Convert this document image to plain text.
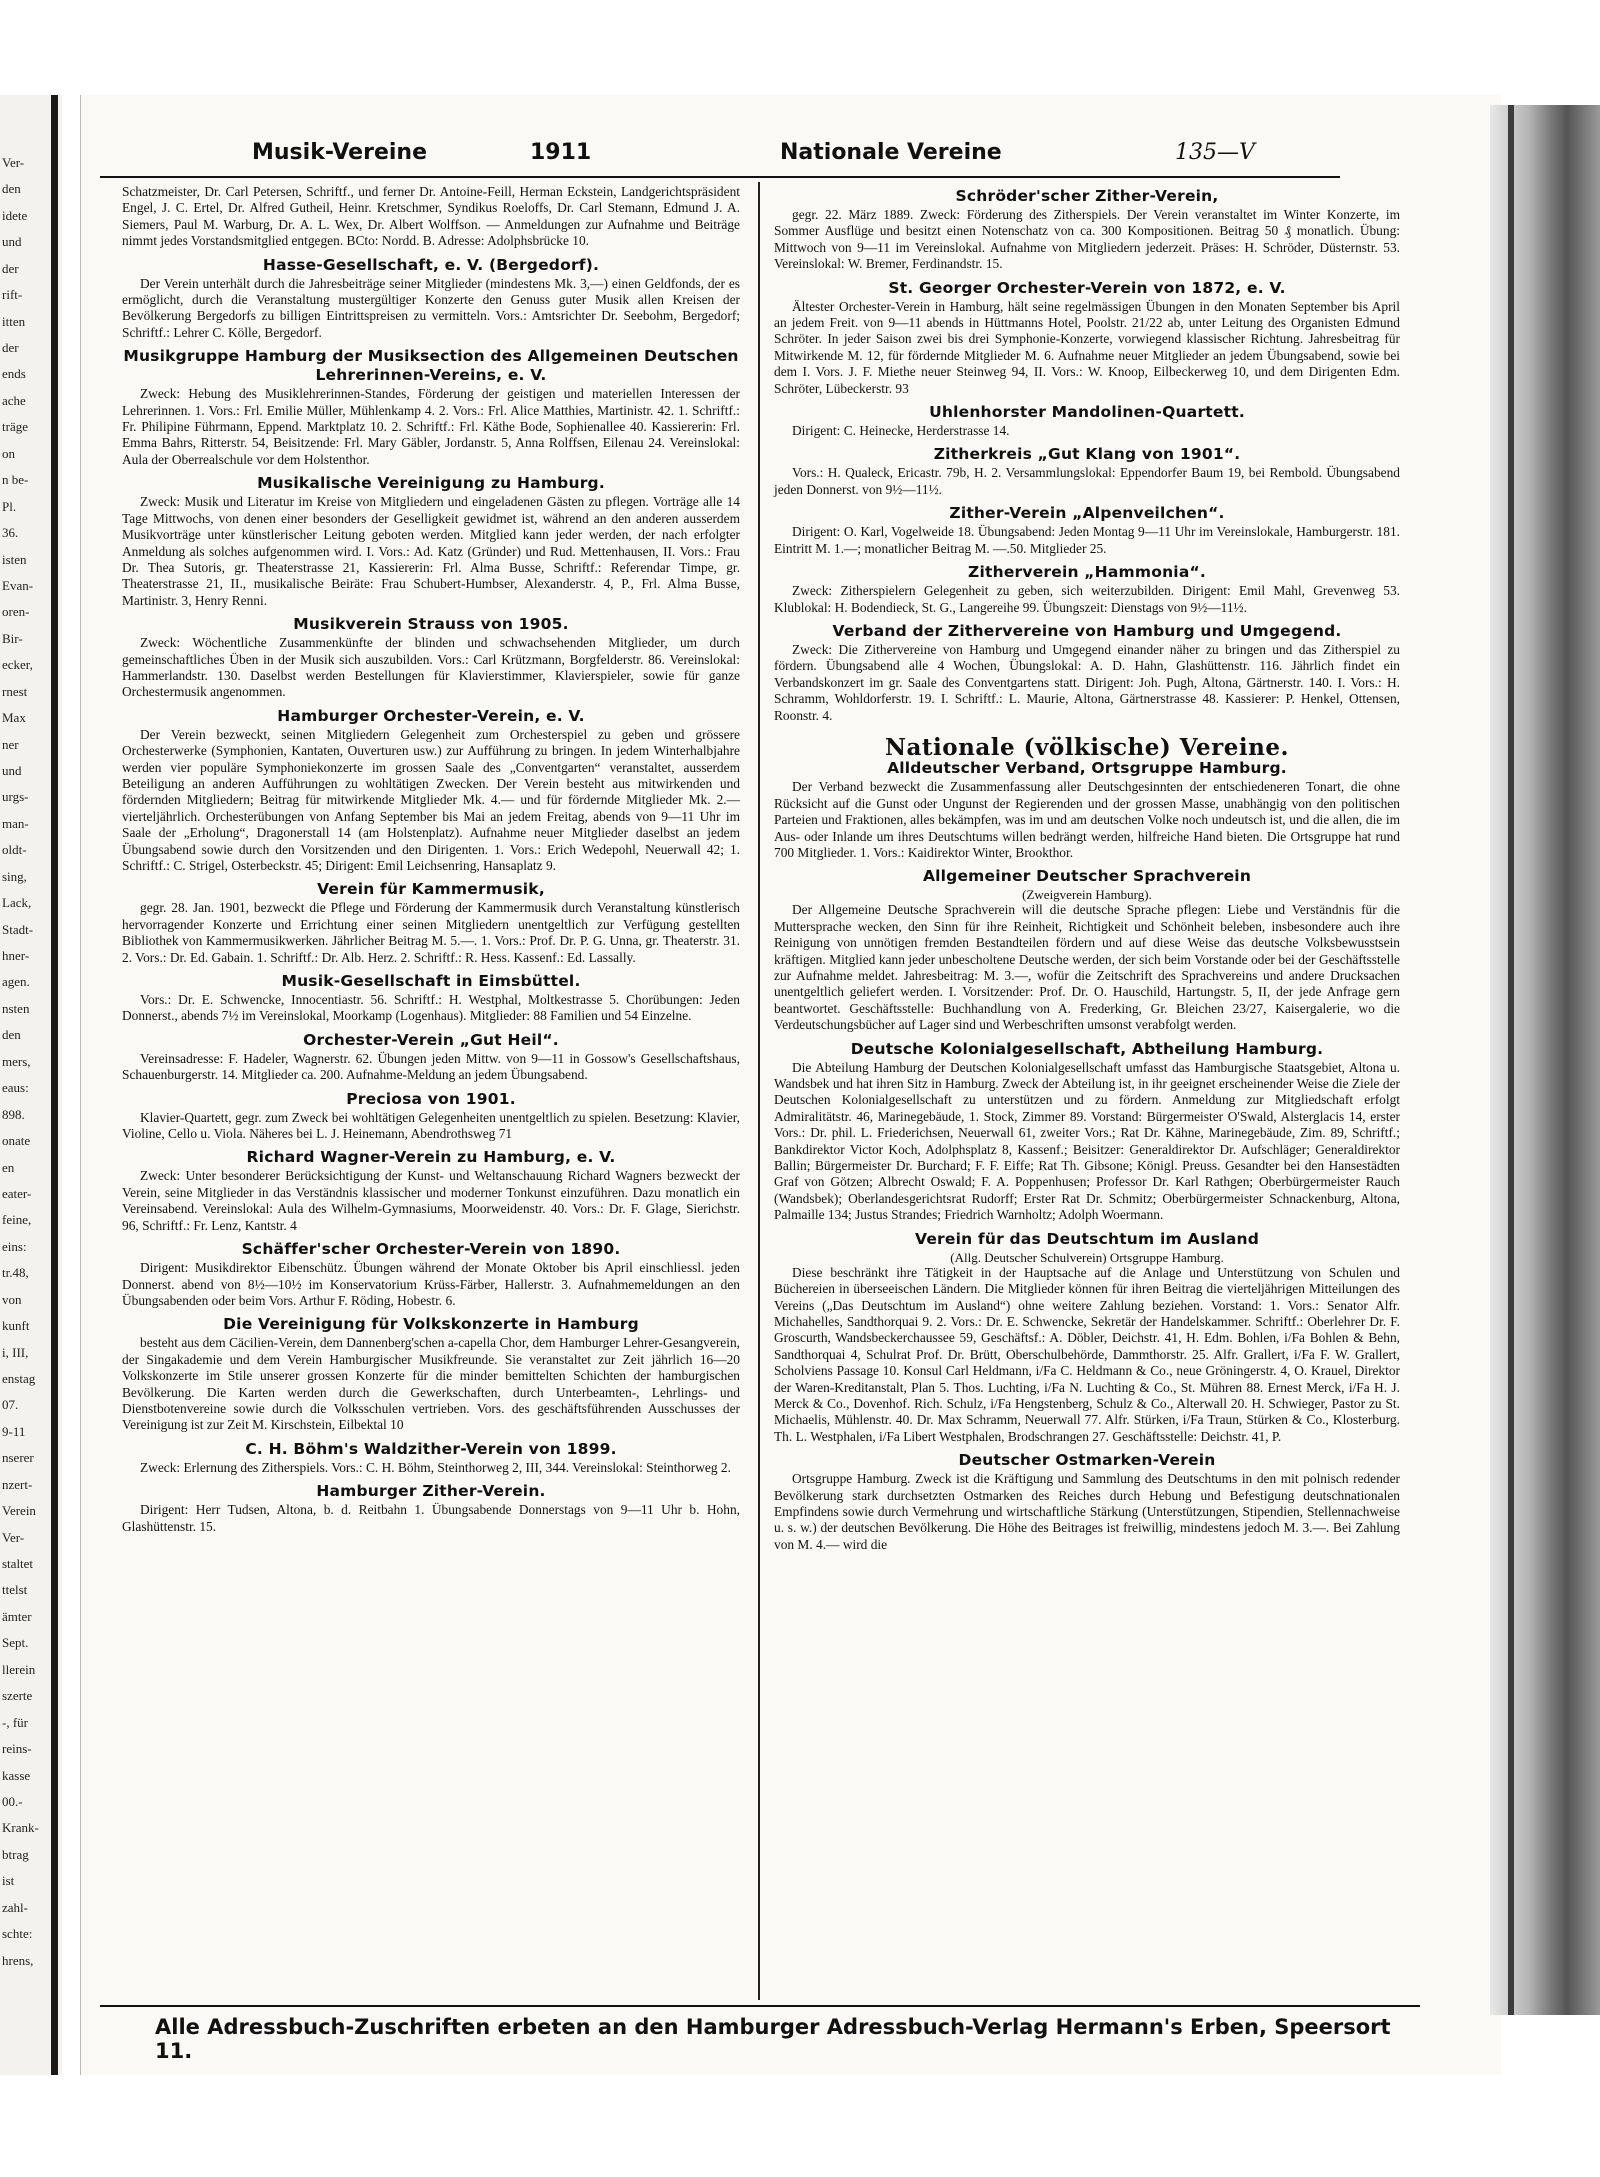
Ver-
den
idete
und
der
rift-
itten
der
ends
ache
träge
on
n be-
Pl.
36.
isten
Evan-
oren-
Bir-
ecker,
rnest
Max
ner
und
urgs-
man-
oldt-
sing,
Lack,
Stadt-
hner-
agen.
nsten
den
mers,
eaus:
898.
onate
en
eater-
feine,
eins:
tr.48,
von
kunft
i, III,
enstag
07.
9-11
nserer
nzert-
Verein
Ver-
staltet
ttelst
ämter
Sept.
llerein
szerte
-, für
reins-
kasse
00.-
Krank-
btrag
ist
zahl-
schte:
hrens,
Musik-Vereine	1911	Nationale Vereine	135—V
Schatzmeister, Dr. Carl Petersen, Schriftf., und ferner Dr. Antoine-Feill, Herman Eckstein, Landgerichtspräsident Engel, J. C. Ertel, Dr. Alfred Gutheil, Heinr. Kretschmer, Syndikus Roeloffs, Dr. Carl Stemann, Edmund J. A. Siemers, Paul M. Warburg, Dr. A. L. Wex, Dr. Albert Wolffson. — Anmeldungen zur Aufnahme und Beiträge nimmt jedes Vorstandsmitglied entgegen. BCto: Nordd. B. Adresse: Adolphsbrücke 10.
Hasse-Gesellschaft, e. V. (Bergedorf).
Der Verein unterhält durch die Jahresbeiträge seiner Mitglieder (mindestens Mk. 3,—) einen Geldfonds, der es ermöglicht, durch die Veranstaltung mustergültiger Konzerte den Genuss guter Musik allen Kreisen der Bevölkerung Bergedorfs zu billigen Eintrittspreisen zu vermitteln. Vors.: Amtsrichter Dr. Seebohm, Bergedorf; Schriftf.: Lehrer C. Kölle, Bergedorf.
Musikgruppe Hamburg der Musiksection des Allgemeinen Deutschen Lehrerinnen-Vereins, e. V.
Zweck: Hebung des Musiklehrerinnen-Standes, Förderung der geistigen und materiellen Interessen der Lehrerinnen. 1. Vors.: Frl. Emilie Müller, Mühlenkamp 4. 2. Vors.: Frl. Alice Matthies, Martinistr. 42. 1. Schriftf.: Fr. Philipine Führmann, Eppend. Marktplatz 10. 2. Schriftf.: Frl. Käthe Bode, Sophienallee 40. Kassiererin: Frl. Emma Bahrs, Ritterstr. 54, Beisitzende: Frl. Mary Gäbler, Jordanstr. 5, Anna Rolffsen, Eilenau 24. Vereinslokal: Aula der Oberrealschule vor dem Holstenthor.
Musikalische Vereinigung zu Hamburg.
Zweck: Musik und Literatur im Kreise von Mitgliedern und eingeladenen Gästen zu pflegen. Vorträge alle 14 Tage Mittwochs, von denen einer besonders der Geselligkeit gewidmet ist, während an den anderen ausserdem Musikvorträge unter künstlerischer Leitung geboten werden. Mitglied kann jeder werden, der nach erfolgter Anmeldung als solches aufgenommen wird. I. Vors.: Ad. Katz (Gründer) und Rud. Mettenhausen, II. Vors.: Frau Dr. Thea Sutoris, gr. Theaterstrasse 21, Kassiererin: Frl. Alma Busse, Schriftf.: Referendar Timpe, gr. Theaterstrasse 21, II., musikalische Beiräte: Frau Schubert-Humbser, Alexanderstr. 4, P., Frl. Alma Busse, Martinistr. 3, Henry Renni.
Musikverein Strauss von 1905.
Zweck: Wöchentliche Zusammenkünfte der blinden und schwachsehenden Mitglieder, um durch gemeinschaftliches Üben in der Musik sich auszubilden. Vors.: Carl Krützmann, Borgfelderstr. 86. Vereinslokal: Hammerlandstr. 130. Daselbst werden Bestellungen für Klavierstimmer, Klavierspieler, sowie für ganze Orchestermusik angenommen.
Hamburger Orchester-Verein, e. V.
Der Verein bezweckt, seinen Mitgliedern Gelegenheit zum Orchesterspiel zu geben und grössere Orchesterwerke (Symphonien, Kantaten, Ouverturen usw.) zur Aufführung zu bringen. In jedem Winterhalbjahre werden vier populäre Symphoniekonzerte im grossen Saale des „Conventgarten“ veranstaltet, ausserdem Beteiligung an anderen Aufführungen zu wohltätigen Zwecken. Der Verein besteht aus mitwirkenden und fördernden Mitgliedern; Beitrag für mitwirkende Mitglieder Mk. 4.— und für fördernde Mitglieder Mk. 2.— vierteljährlich. Orchesterübungen von Anfang September bis Mai an jedem Freitag, abends von 9—11 Uhr im Saale der „Erholung“, Dragonerstall 14 (am Holstenplatz). Aufnahme neuer Mitglieder daselbst an jedem Übungsabend sowie durch den Vorsitzenden und den Dirigenten. 1. Vors.: Erich Wedepohl, Neuerwall 42; 1. Schriftf.: C. Strigel, Osterbeckstr. 45; Dirigent: Emil Leichsenring, Hansaplatz 9.
Verein für Kammermusik,
gegr. 28. Jan. 1901, bezweckt die Pflege und Förderung der Kammermusik durch Veranstaltung künstlerisch hervorragender Konzerte und Errichtung einer seinen Mitgliedern unentgeltlich zur Verfügung gestellten Bibliothek von Kammermusikwerken. Jährlicher Beitrag M. 5.—. 1. Vors.: Prof. Dr. P. G. Unna, gr. Theaterstr. 31. 2. Vors.: Dr. Ed. Gabain. 1. Schriftf.: Dr. Alb. Herz. 2. Schriftf.: R. Hess. Kassenf.: Ed. Lassally.
Musik-Gesellschaft in Eimsbüttel.
Vors.: Dr. E. Schwencke, Innocentiastr. 56. Schriftf.: H. Westphal, Moltkestrasse 5. Chorübungen: Jeden Donnerst., abends 7½ im Vereinslokal, Moorkamp (Logenhaus). Mitglieder: 88 Familien und 54 Einzelne.
Orchester-Verein „Gut Heil“.
Vereinsadresse: F. Hadeler, Wagnerstr. 62. Übungen jeden Mittw. von 9—11 in Gossow's Gesellschaftshaus, Schauenburgerstr. 14. Mitglieder ca. 200. Aufnahme-Meldung an jedem Übungsabend.
Preciosa von 1901.
Klavier-Quartett, gegr. zum Zweck bei wohltätigen Gelegenheiten unentgeltlich zu spielen. Besetzung: Klavier, Violine, Cello u. Viola. Näheres bei L. J. Heinemann, Abendrothsweg 71
Richard Wagner-Verein zu Hamburg, e. V.
Zweck: Unter besonderer Berücksichtigung der Kunst- und Weltanschauung Richard Wagners bezweckt der Verein, seine Mitglieder in das Verständnis klassischer und moderner Tonkunst einzuführen. Dazu monatlich ein Vereinsabend. Vereinslokal: Aula des Wilhelm-Gymnasiums, Moorweidenstr. 40. Vors.: Dr. F. Glage, Sierichstr. 96, Schriftf.: Fr. Lenz, Kantstr. 4
Schäffer'scher Orchester-Verein von 1890.
Dirigent: Musikdirektor Eibenschütz. Übungen während der Monate Oktober bis April einschliessl. jeden Donnerst. abend von 8½—10½ im Konservatorium Krüss-Färber, Hallerstr. 3. Aufnahmemeldungen an den Übungsabenden oder beim Vors. Arthur F. Röding, Hobestr. 6.
Die Vereinigung für Volkskonzerte in Hamburg
besteht aus dem Cäcilien-Verein, dem Dannenberg'schen a-capella Chor, dem Hamburger Lehrer-Gesangverein, der Singakademie und dem Verein Hamburgischer Musikfreunde. Sie veranstaltet zur Zeit jährlich 16—20 Volkskonzerte im Stile unserer grossen Konzerte für die minder bemittelten Schichten der hamburgischen Bevölkerung. Die Karten werden durch die Gewerkschaften, durch Unterbeamten-, Lehrlings- und Dienstbotenvereine sowie durch die Volksschulen vertrieben. Vors. des geschäftsführenden Ausschusses der Vereinigung ist zur Zeit M. Kirschstein, Eilbektal 10
C. H. Böhm's Waldzither-Verein von 1899.
Zweck: Erlernung des Zitherspiels. Vors.: C. H. Böhm, Steinthorweg 2, III, 344. Vereinslokal: Steinthorweg 2.
Hamburger Zither-Verein.
Dirigent: Herr Tudsen, Altona, b. d. Reitbahn 1. Übungsabende Donnerstags von 9—11 Uhr b. Hohn, Glashüttenstr. 15.
Schröder'scher Zither-Verein,
gegr. 22. März 1889. Zweck: Förderung des Zitherspiels. Der Verein veranstaltet im Winter Konzerte, im Sommer Ausflüge und besitzt einen Notenschatz von ca. 300 Kompositionen. Beitrag 50 ₰ monatlich. Übung: Mittwoch von 9—11 im Vereinslokal. Aufnahme von Mitgliedern jederzeit. Präses: H. Schröder, Düsternstr. 53. Vereinslokal: W. Bremer, Ferdinandstr. 15.
St. Georger Orchester-Verein von 1872, e. V.
Ältester Orchester-Verein in Hamburg, hält seine regelmässigen Übungen in den Monaten September bis April an jedem Freit. von 9—11 abends in Hüttmanns Hotel, Poolstr. 21/22 ab, unter Leitung des Organisten Edmund Schröter. In jeder Saison zwei bis drei Symphonie-Konzerte, vorwiegend klassischer Richtung. Jahresbeitrag für Mitwirkende M. 12, für fördernde Mitglieder M. 6. Aufnahme neuer Mitglieder an jedem Übungsabend, sowie bei dem I. Vors. J. F. Miethe neuer Steinweg 94, II. Vors.: W. Knoop, Eilbeckerweg 10, und dem Dirigenten Edm. Schröter, Lübeckerstr. 93
Uhlenhorster Mandolinen-Quartett.
Dirigent: C. Heinecke, Herderstrasse 14.
Zitherkreis „Gut Klang von 1901“.
Vors.: H. Qualeck, Ericastr. 79b, H. 2. Versammlungslokal: Eppendorfer Baum 19, bei Rembold. Übungsabend jeden Donnerst. von 9½—11½.
Zither-Verein „Alpenveilchen“.
Dirigent: O. Karl, Vogelweide 18. Übungsabend: Jeden Montag 9—11 Uhr im Vereinslokale, Hamburgerstr. 181. Eintritt M. 1.—; monatlicher Beitrag M. —.50. Mitglieder 25.
Zitherverein „Hammonia“.
Zweck: Zitherspielern Gelegenheit zu geben, sich weiterzubilden. Dirigent: Emil Mahl, Grevenweg 53. Klublokal: H. Bodendieck, St. G., Langereihe 99. Übungszeit: Dienstags von 9½—11½.
Verband der Zithervereine von Hamburg und Umgegend.
Zweck: Die Zithervereine von Hamburg und Umgegend einander näher zu bringen und das Zitherspiel zu fördern. Übungsabend alle 4 Wochen, Übungslokal: A. D. Hahn, Glashüttenstr. 116. Jährlich findet ein Verbandskonzert im gr. Saale des Conventgartens statt. Dirigent: Joh. Pugh, Altona, Gärtnerstr. 140. I. Vors.: H. Schramm, Wohldorferstr. 19. I. Schriftf.: L. Maurie, Altona, Gärtnerstrasse 48. Kassierer: P. Henkel, Ottensen, Roonstr. 4.
Nationale (völkische) Vereine.
Alldeutscher Verband, Ortsgruppe Hamburg.
Der Verband bezweckt die Zusammenfassung aller Deutschgesinnten der entschiedeneren Tonart, die ohne Rücksicht auf die Gunst oder Ungunst der Regierenden und der grossen Masse, unabhängig von den politischen Parteien und Fraktionen, alles bekämpfen, was im und am deutschen Volke noch undeutsch ist, und die allen, die im Aus- oder Inlande um ihres Deutschtums willen bedrängt werden, hilfreiche Hand bieten. Die Ortsgruppe hat rund 700 Mitglieder. 1. Vors.: Kaidirektor Winter, Brookthor.
Allgemeiner Deutscher Sprachverein
(Zweigverein Hamburg).
Der Allgemeine Deutsche Sprachverein will die deutsche Sprache pflegen: Liebe und Verständnis für die Muttersprache wecken, den Sinn für ihre Reinheit, Richtigkeit und Schönheit beleben, insbesondere auch ihre Reinigung von unnötigen fremden Bestandteilen fördern und auf diese Weise das deutsche Volksbewusstsein kräftigen. Mitglied kann jeder unbescholtene Deutsche werden, der sich beim Vorstande oder bei der Geschäftsstelle zur Aufnahme meldet. Jahresbeitrag: M. 3.—, wofür die Zeitschrift des Sprachvereins und andere Drucksachen unentgeltlich geliefert werden. I. Vorsitzender: Prof. Dr. O. Hauschild, Hartungstr. 5, II, der jede Anfrage gern beantwortet. Geschäftsstelle: Buchhandlung von A. Frederking, Gr. Bleichen 23/27, Kaisergalerie, wo die Verdeutschungsbücher auf Lager sind und Werbeschriften umsonst verabfolgt werden.
Deutsche Kolonialgesellschaft, Abtheilung Hamburg.
Die Abteilung Hamburg der Deutschen Kolonialgesellschaft umfasst das Hamburgische Staatsgebiet, Altona u. Wandsbek und hat ihren Sitz in Hamburg. Zweck der Abteilung ist, in ihr geeignet erscheinender Weise die Ziele der Deutschen Kolonialgesellschaft zu unterstützen und zu fördern. Anmeldung zur Mitgliedschaft erfolgt Admiralitätstr. 46, Marinegebäude, 1. Stock, Zimmer 89. Vorstand: Bürgermeister O'Swald, Alsterglacis 14, erster Vors.: Dr. phil. L. Friederichsen, Neuerwall 61, zweiter Vors.; Rat Dr. Kähne, Marinegebäude, Zim. 89, Schriftf.; Bankdirektor Victor Koch, Adolphsplatz 8, Kassenf.; Beisitzer: Generaldirektor Dr. Aufschläger; Generaldirektor Ballin; Bürgermeister Dr. Burchard; F. F. Eiffe; Rat Th. Gibsone; Königl. Preuss. Gesandter bei den Hansestädten Graf von Götzen; Albrecht Oswald; F. A. Poppenhusen; Professor Dr. Karl Rathgen; Oberbürgermeister Rauch (Wandsbek); Oberlandesgerichtsrat Rudorff; Erster Rat Dr. Schmitz; Oberbürgermeister Schnackenburg, Altona, Palmaille 134; Justus Strandes; Friedrich Warnholtz; Adolph Woermann.
Verein für das Deutschtum im Ausland
(Allg. Deutscher Schulverein) Ortsgruppe Hamburg.
Diese beschränkt ihre Tätigkeit in der Hauptsache auf die Anlage und Unterstützung von Schulen und Büchereien in überseeischen Ländern. Die Mitglieder können für ihren Beitrag die vierteljährigen Mitteilungen des Vereins („Das Deutschtum im Ausland“) ohne weitere Zahlung beziehen. Vorstand: 1. Vors.: Senator Alfr. Michahelles, Sandthorquai 9. 2. Vors.: Dr. E. Schwencke, Sekretär der Handelskammer. Schriftf.: Oberlehrer Dr. F. Groscurth, Wandsbeckerchaussee 59, Geschäftsf.: A. Döbler, Deichstr. 41, H. Edm. Bohlen, i/Fa Bohlen & Behn, Sandthorquai 4, Schulrat Prof. Dr. Brütt, Oberschulbehörde, Dammthorstr. 25. Alfr. Grallert, i/Fa F. W. Grallert, Scholviens Passage 10. Konsul Carl Heldmann, i/Fa C. Heldmann & Co., neue Gröningerstr. 4, O. Krauel, Direktor der Waren-Kreditanstalt, Plan 5. Thos. Luchting, i/Fa N. Luchting & Co., St. Mühren 88. Ernest Merck, i/Fa H. J. Merck & Co., Dovenhof. Rich. Schulz, i/Fa Hengstenberg, Schulz & Co., Alterwall 20. H. Schwieger, Pastor zu St. Michaelis, Mühlenstr. 40. Dr. Max Schramm, Neuerwall 77. Alfr. Stürken, i/Fa Traun, Stürken & Co., Klosterburg. Th. L. Westphalen, i/Fa Libert Westphalen, Brodschrangen 27. Geschäftsstelle: Deichstr. 41, P.
Deutscher Ostmarken-Verein
Ortsgruppe Hamburg. Zweck ist die Kräftigung und Sammlung des Deutschtums in den mit polnisch redender Bevölkerung stark durchsetzten Ostmarken des Reiches durch Hebung und Befestigung deutschnationalen Empfindens sowie durch Vermehrung und wirtschaftliche Stärkung (Unterstützungen, Stipendien, Stellennachweise u. s. w.) der deutschen Bevölkerung. Die Höhe des Beitrages ist freiwillig, mindestens jedoch M. 3.—. Bei Zahlung von M. 4.— wird die
Alle Adressbuch-Zuschriften erbeten an den Hamburger Adressbuch-Verlag Hermann's Erben, Speersort 11.
